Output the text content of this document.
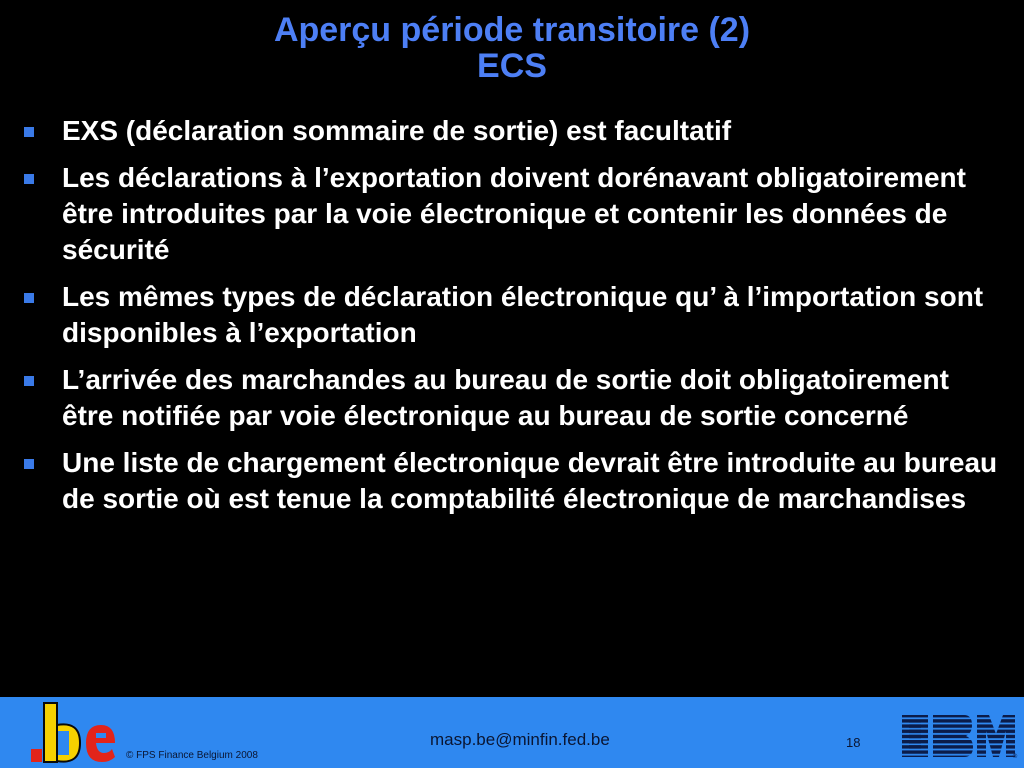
Aperçu période transitoire (2)
ECS
EXS (déclaration sommaire de sortie) est facultatif
Les déclarations à l’exportation doivent dorénavant obligatoirement être introduites par la voie électronique et contenir les données de sécurité
Les mêmes types de déclaration électronique qu’ à l’importation sont disponibles à l’exportation
L’arrivée des marchandes au bureau de sortie doit obligatoirement être notifiée par voie électronique au bureau de sortie concerné
Une liste de chargement électronique devrait être introduite au bureau de sortie où est tenue la comptabilité électronique de marchandises
.be
© FPS Finance Belgium 2008
masp.be@minfin.fed.be	18
®
